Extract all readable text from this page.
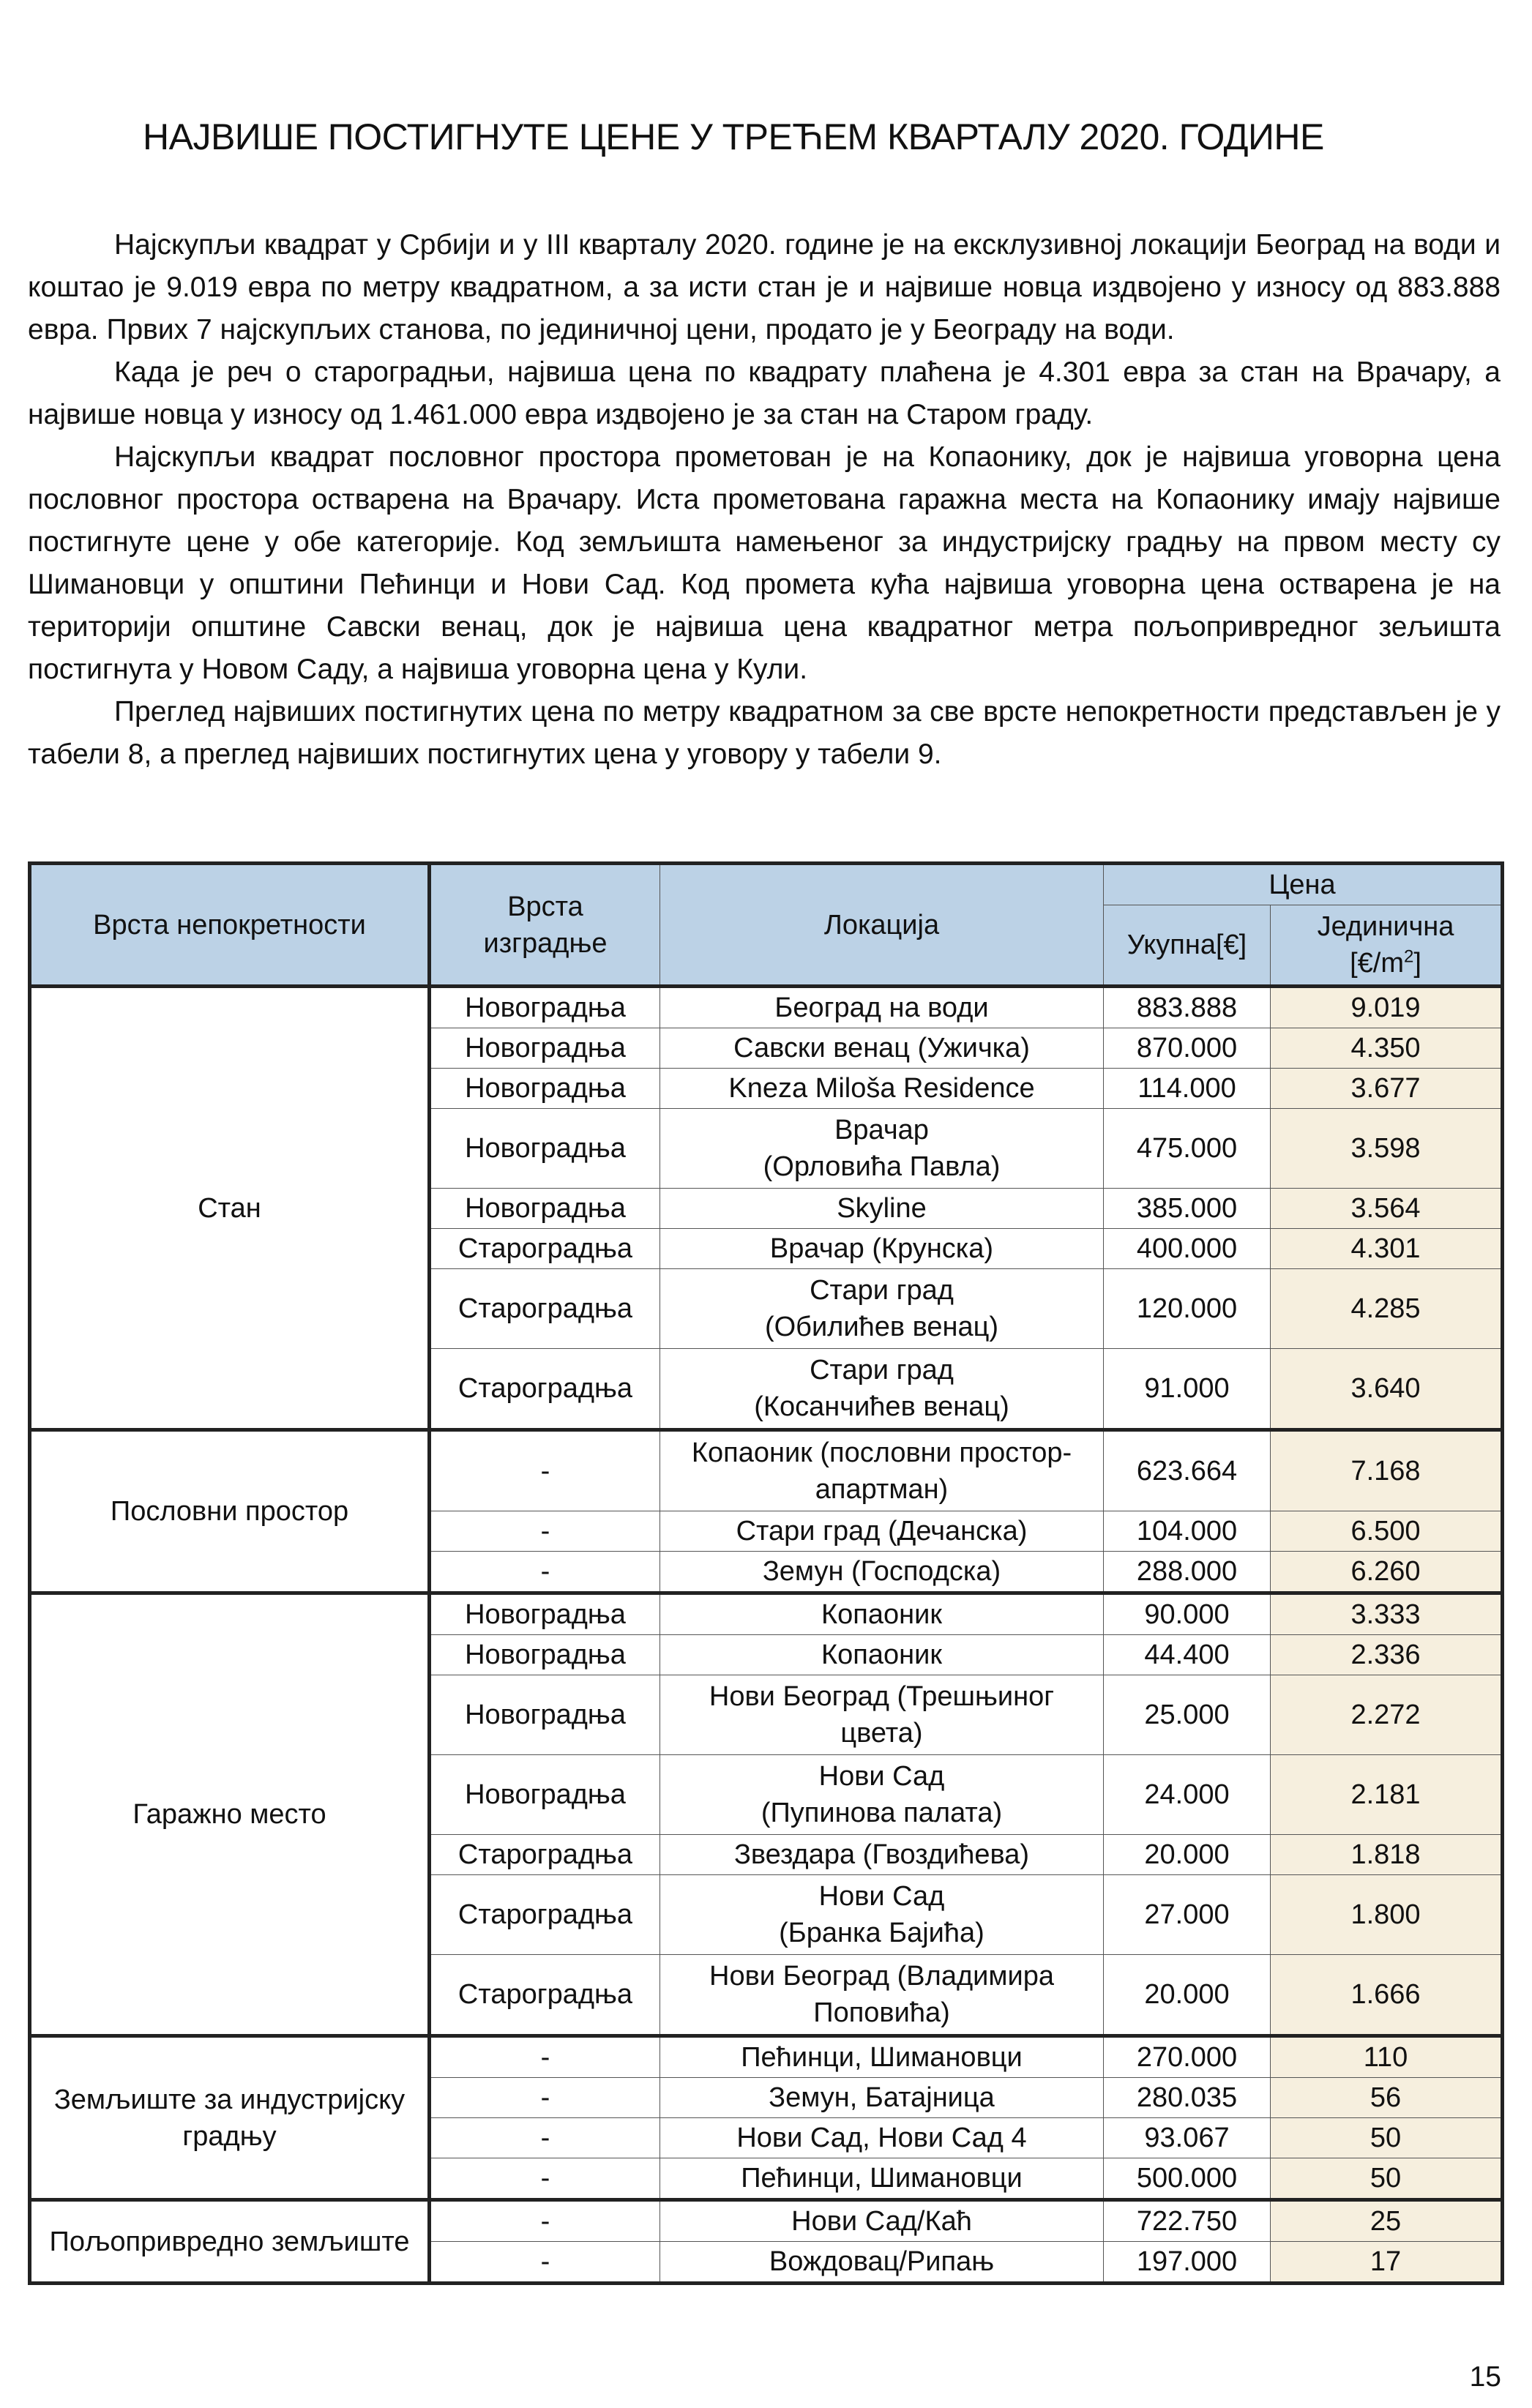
НАЈВИШЕ ПОСТИГНУТЕ ЦЕНЕ У ТРЕЋЕМ КВАРТАЛУ 2020. ГОДИНЕ

Најскупљи квадрат у Србији и у III кварталу 2020. године је на ексклузивној локацији Београд на води и коштао је 9.019 евра по метру квадратном, а за исти стан је и највише новца издвојено у износу од 883.888 евра. Првих 7 најскупљих станова, по јединичној цени, продато је у Београду на води.

Када је реч о староградњи, највиша цена по квадрату плаћена је 4.301 евра за стан на Врачару, а највише новца у износу од 1.461.000 евра издвојено је за стан на Старом граду.

Најскупљи квадрат пословног простора прометован је на Копаонику, док је највиша уговорна цена пословног простора остварена на Врачару. Иста прометована гаражна места на Копаонику имају највише постигнуте цене у обе категорије. Код земљишта намењеног за индустријску градњу на првом месту су Шимановци у општини Пећинци и Нови Сад. Код промета кућа највиша уговорна цена остварена је на територији општине Савски венац, док је највиша цена квадратног метра пољопривредног зељишта постигнута у Новом Саду, а највиша уговорна цена у Кули.

Преглед највиших постигнутих цена по метру квадратном за све врсте непокретности представљен је у табели 8, а преглед највиших постигнутих цена у уговору у табели 9.

Врста непокретности	Врста
изградње	Локација	Цена	
			Укупна[€]	Јединична
$[€/m^2]$
Стан	Новоградња	Београд на води	883.888	9.019
	Новоградња	Савски венац (Ужичка)	870.000	4.350
	Новоградња	Kneza Miloša Residence	114.000	3.677
	Новоградња	Врачар
(Орловића Павла)	475.000	3.598
	Новоградња	Skyline	385.000	3.564
	Староградња	Врачар (Крунска)	400.000	4.301
	Староградња	Стари град
(Обилићев венац)	120.000	4.285
	Староградња	Стари град
(Косанчићев венац)	91.000	3.640
Пословни простор	-	Копаоник (пословни простор-
апартман)	623.664	7.168
	-	Стари град (Дечанска)	104.000	6.500
	-	Земун (Господска)	288.000	6.260
Гаражно место	Новоградња	Копаоник	90.000	3.333
	Новоградња	Копаоник	44.400	2.336
	Новоградња	Нови Београд (Трешњиног
цвета)	25.000	2.272
	Новоградња	Нови Сад
(Пупинова палата)	24.000	2.181
	Староградња	Звездара (Гвоздићева)	20.000	1.818
	Староградња	Нови Сад
(Бранка Бајића)	27.000	1.800
	Староградња	Нови Београд (Владимира
Поповића)	20.000	1.666
Земљиште за индустријску градњу	-	Пећинци, Шимановци	270.000	110
	-	Земун, Батајница	280.035	56
	-	Нови Сад, Нови Сад 4	93.067	50
	-	Пећинци, Шимановци	500.000	50
Пољопривредно земљиште	-	Нови Сад/Каћ	722.750	25
	-	Вождовац/Рипањ	197.000	17
15
